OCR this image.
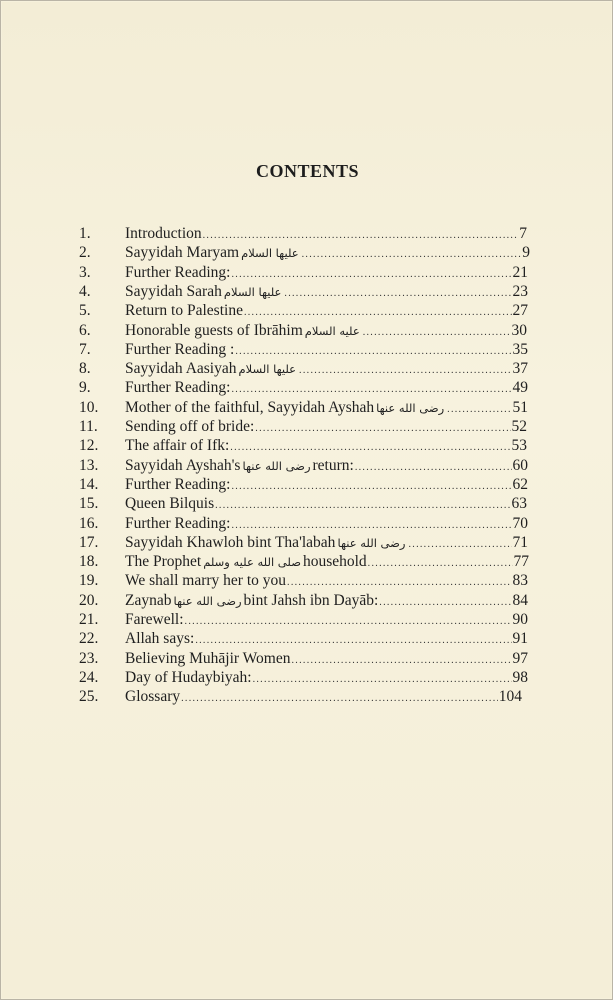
CONTENTS
1.	Introduction .....	7
2.	Sayyidah Maryam عليها السلام .....	9
3.	Further Reading: .....	21
4.	Sayyidah Sarah عليها السلام .....	23
5.	Return to Palestine .....	27
6.	Honorable guests of Ibrāhim عليه السلام .....	30
7.	Further Reading : .....	35
8.	Sayyidah Aasiyah عليها السلام .....	37
9.	Further Reading: .....	49
10.	Mother of the faithful, Sayyidah Ayshah رضى الله عنها .....	51
11.	Sending off of bride: .....	52
12.	The affair of Ifk: .....	53
13.	Sayyidah Ayshah's رضى الله عنها return: .....	60
14.	Further Reading: .....	62
15.	Queen Bilquis .....	63
16.	Further Reading: .....	70
17.	Sayyidah Khawloh bint Tha'labah رضى الله عنها .....	71
18.	The Prophet صلى الله عليه وسلم household .....	77
19.	We shall marry her to you .....	83
20.	Zaynab رضى الله عنها bint Jahsh ibn Dayāb: .....	84
21.	Farewell: .....	90
22.	Allah says: .....	91
23.	Believing Muhājir Women .....	97
24.	Day of Hudaybiyah: .....	98
25.	Glossary .....	104
